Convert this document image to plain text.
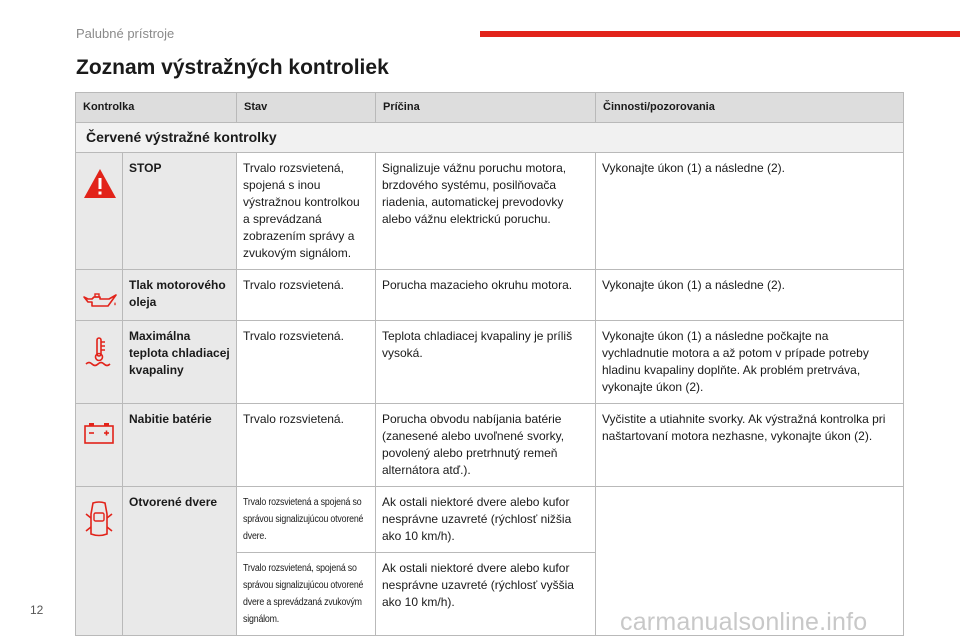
Palubné prístroje
Zoznam výstražných kontroliek
Kontrolka		Stav	Príčina	Činnosti/pozorovania
Červené výstražné kontrolky				

	STOP	Trvalo rozsvietená, spojená s inou výstražnou kontrolkou a sprevádzaná zobrazením správy a zvukovým signálom.	Signalizuje vážnu poruchu motora, brzdového systému, posilňovača riadenia, automatickej prevodovky alebo vážnu elektrickú poruchu.	Vykonajte úkon (1) a následne (2).

	Tlak motorového oleja	Trvalo rozsvietená.	Porucha mazacieho okruhu motora.	Vykonajte úkon (1) a následne (2).

	Maximálna teplota chladiacej kvapaliny	Trvalo rozsvietená.	Teplota chladiacej kvapaliny je príliš vysoká.	Vykonajte úkon (1) a následne počkajte na vychladnutie motora a až potom v prípade potreby hladinu kvapaliny doplňte. Ak problém pretrváva, vykonajte úkon (2).

	Nabitie batérie	Trvalo rozsvietená.	Porucha obvodu nabíjania batérie (zanesené alebo uvoľnené svorky, povolený alebo pretrhnutý remeň alternátora atď.).	Vyčistite a utiahnite svorky. Ak výstražná kontrolka pri naštartovaní motora nezhasne, vykonajte úkon (2).

	Otvorené dvere	Trvalo rozsvietená a spojená so správou signalizujúcou otvorené dvere.	Ak ostali niektoré dvere alebo kufor nesprávne uzavreté (rýchlosť nižšia ako 10 km/h).	

		Trvalo rozsvietená, spojená so správou signalizujúcou otvorené dvere a sprevádzaná zvukovým signálom.	Ak ostali niektoré dvere alebo kufor nesprávne uzavreté (rýchlosť vyššia ako 10 km/h).	
12	carmanualsonline.info
